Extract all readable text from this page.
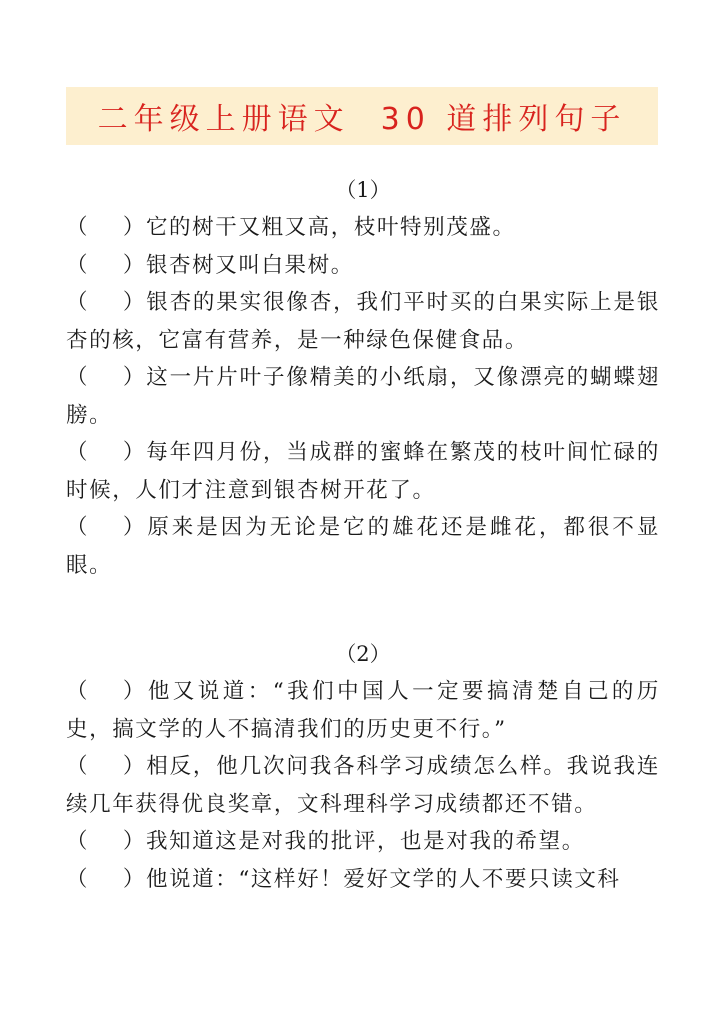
二年级上册语文  30 道排列句子
（1）
（    ）它的树干又粗又高，枝叶特别茂盛。
（    ）银杏树又叫白果树。
（    ）银杏的果实很像杏，我们平时买的白果实际上是银杏的核，它富有营养，是一种绿色保健食品。
（    ）这一片片叶子像精美的小纸扇，又像漂亮的蝴蝶翅膀。
（    ）每年四月份，当成群的蜜蜂在繁茂的枝叶间忙碌的时候，人们才注意到银杏树开花了。
（    ）原来是因为无论是它的雄花还是雌花，都很不显眼。
（2）
（    ）他又说道：“我们中国人一定要搞清楚自己的历史，搞文学的人不搞清我们的历史更不行。”
（    ）相反，他几次问我各科学习成绩怎么样。我说我连续几年获得优良奖章，文科理科学习成绩都还不错。
（    ）我知道这是对我的批评，也是对我的希望。
（    ）他说道：“这样好！爱好文学的人不要只读文科
